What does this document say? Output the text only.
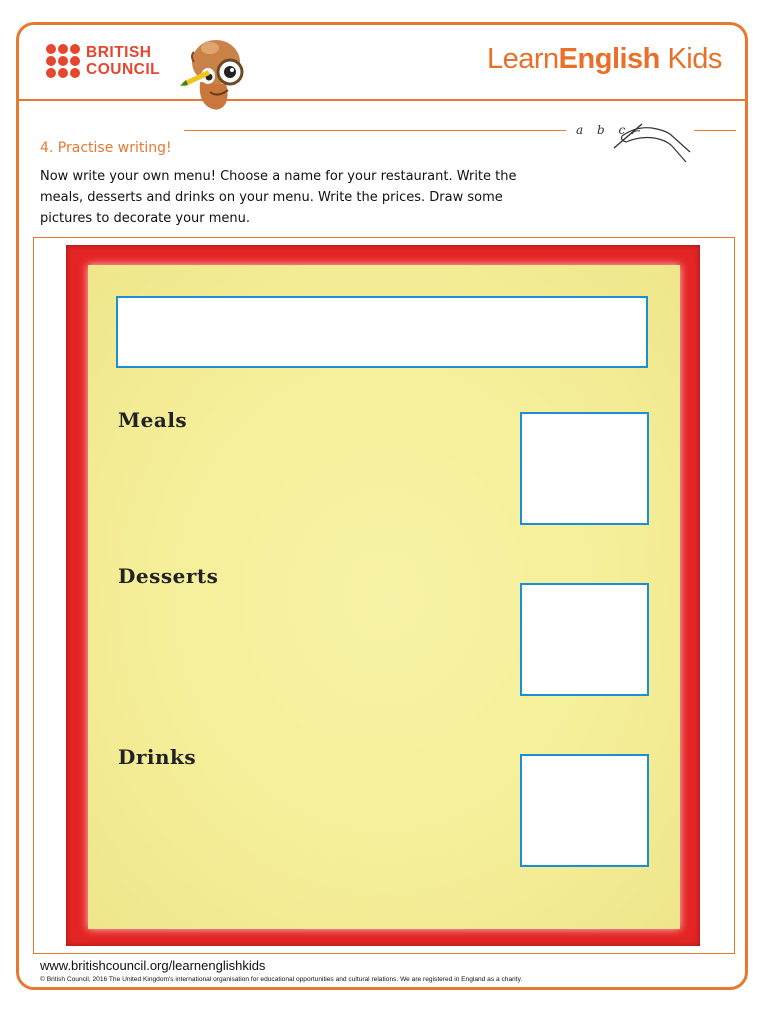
BRITISH
COUNCIL	LearnEnglish Kids
4. Practise writing!
a b c
Now write your own menu! Choose a name for your restaurant. Write the meals, desserts and drinks on your menu. Write the prices. Draw some pictures to decorate your menu.
Meals
Desserts
Drinks
www.britishcouncil.org/learnenglishkids
© British Council, 2016 The United Kingdom's international organisation for educational opportunities and cultural relations. We are registered in England as a charity.
